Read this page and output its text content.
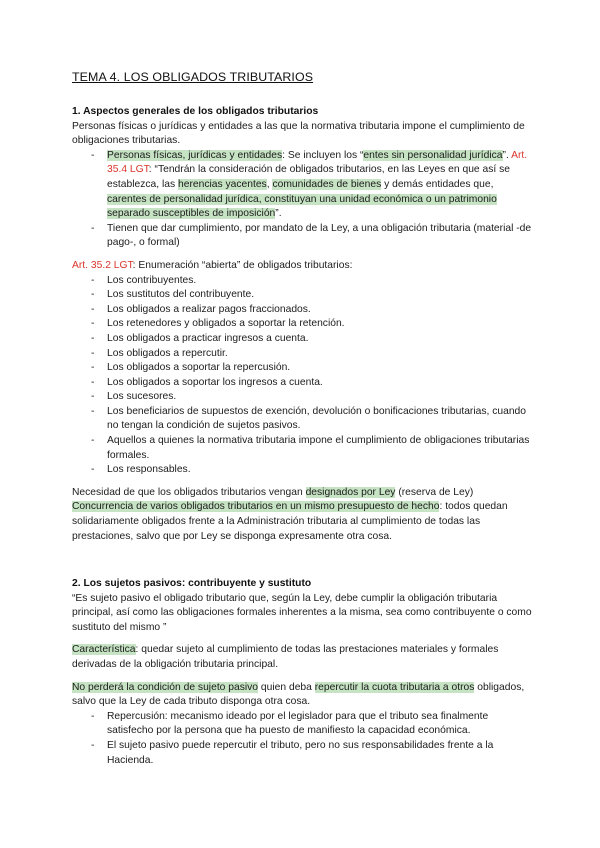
TEMA 4. LOS OBLIGADOS TRIBUTARIOS

1. Aspectos generales de los obligados tributarios

Personas físicas o jurídicas y entidades a las que la normativa tributaria impone el cumplimiento de obligaciones tributarias.

- Personas físicas, jurídicas y entidades: Se incluyen los “entes sin personalidad jurídica”. Art. 35.4 LGT: “Tendrán la consideración de obligados tributarios, en las Leyes en que así se establezca, las herencias yacentes, comunidades de bienes y demás entidades que, carentes de personalidad jurídica, constituyan una unidad económica o un patrimonio separado susceptibles de imposición”.
- Tienen que dar cumplimiento, por mandato de la Ley, a una obligación tributaria (material -de pago-, o formal)

Art. 35.2 LGT: Enumeración “abierta” de obligados tributarios:

- Los contribuyentes.
- Los sustitutos del contribuyente.
- Los obligados a realizar pagos fraccionados.
- Los retenedores y obligados a soportar la retención.
- Los obligados a practicar ingresos a cuenta.
- Los obligados a repercutir.
- Los obligados a soportar la repercusión.
- Los obligados a soportar los ingresos a cuenta.
- Los sucesores.
- Los beneficiarios de supuestos de exención, devolución o bonificaciones tributarias, cuando no tengan la condición de sujetos pasivos.
- Aquellos a quienes la normativa tributaria impone el cumplimiento de obligaciones tributarias formales.
- Los responsables.

Necesidad de que los obligados tributarios vengan designados por Ley (reserva de Ley)

Concurrencia de varios obligados tributarios en un mismo presupuesto de hecho: todos quedan solidariamente obligados frente a la Administración tributaria al cumplimiento de todas las prestaciones, salvo que por Ley se disponga expresamente otra cosa.

2. Los sujetos pasivos: contribuyente y sustituto

“Es sujeto pasivo el obligado tributario que, según la Ley, debe cumplir la obligación tributaria principal, así como las obligaciones formales inherentes a la misma, sea como contribuyente o como sustituto del mismo ”

Característica: quedar sujeto al cumplimiento de todas las prestaciones materiales y formales derivadas de la obligación tributaria principal.

No perderá la condición de sujeto pasivo quien deba repercutir la cuota tributaria a otros obligados, salvo que la Ley de cada tributo disponga otra cosa.

- Repercusión: mecanismo ideado por el legislador para que el tributo sea finalmente satisfecho por la persona que ha puesto de manifiesto la capacidad económica.
- El sujeto pasivo puede repercutir el tributo, pero no sus responsabilidades frente a la Hacienda.
